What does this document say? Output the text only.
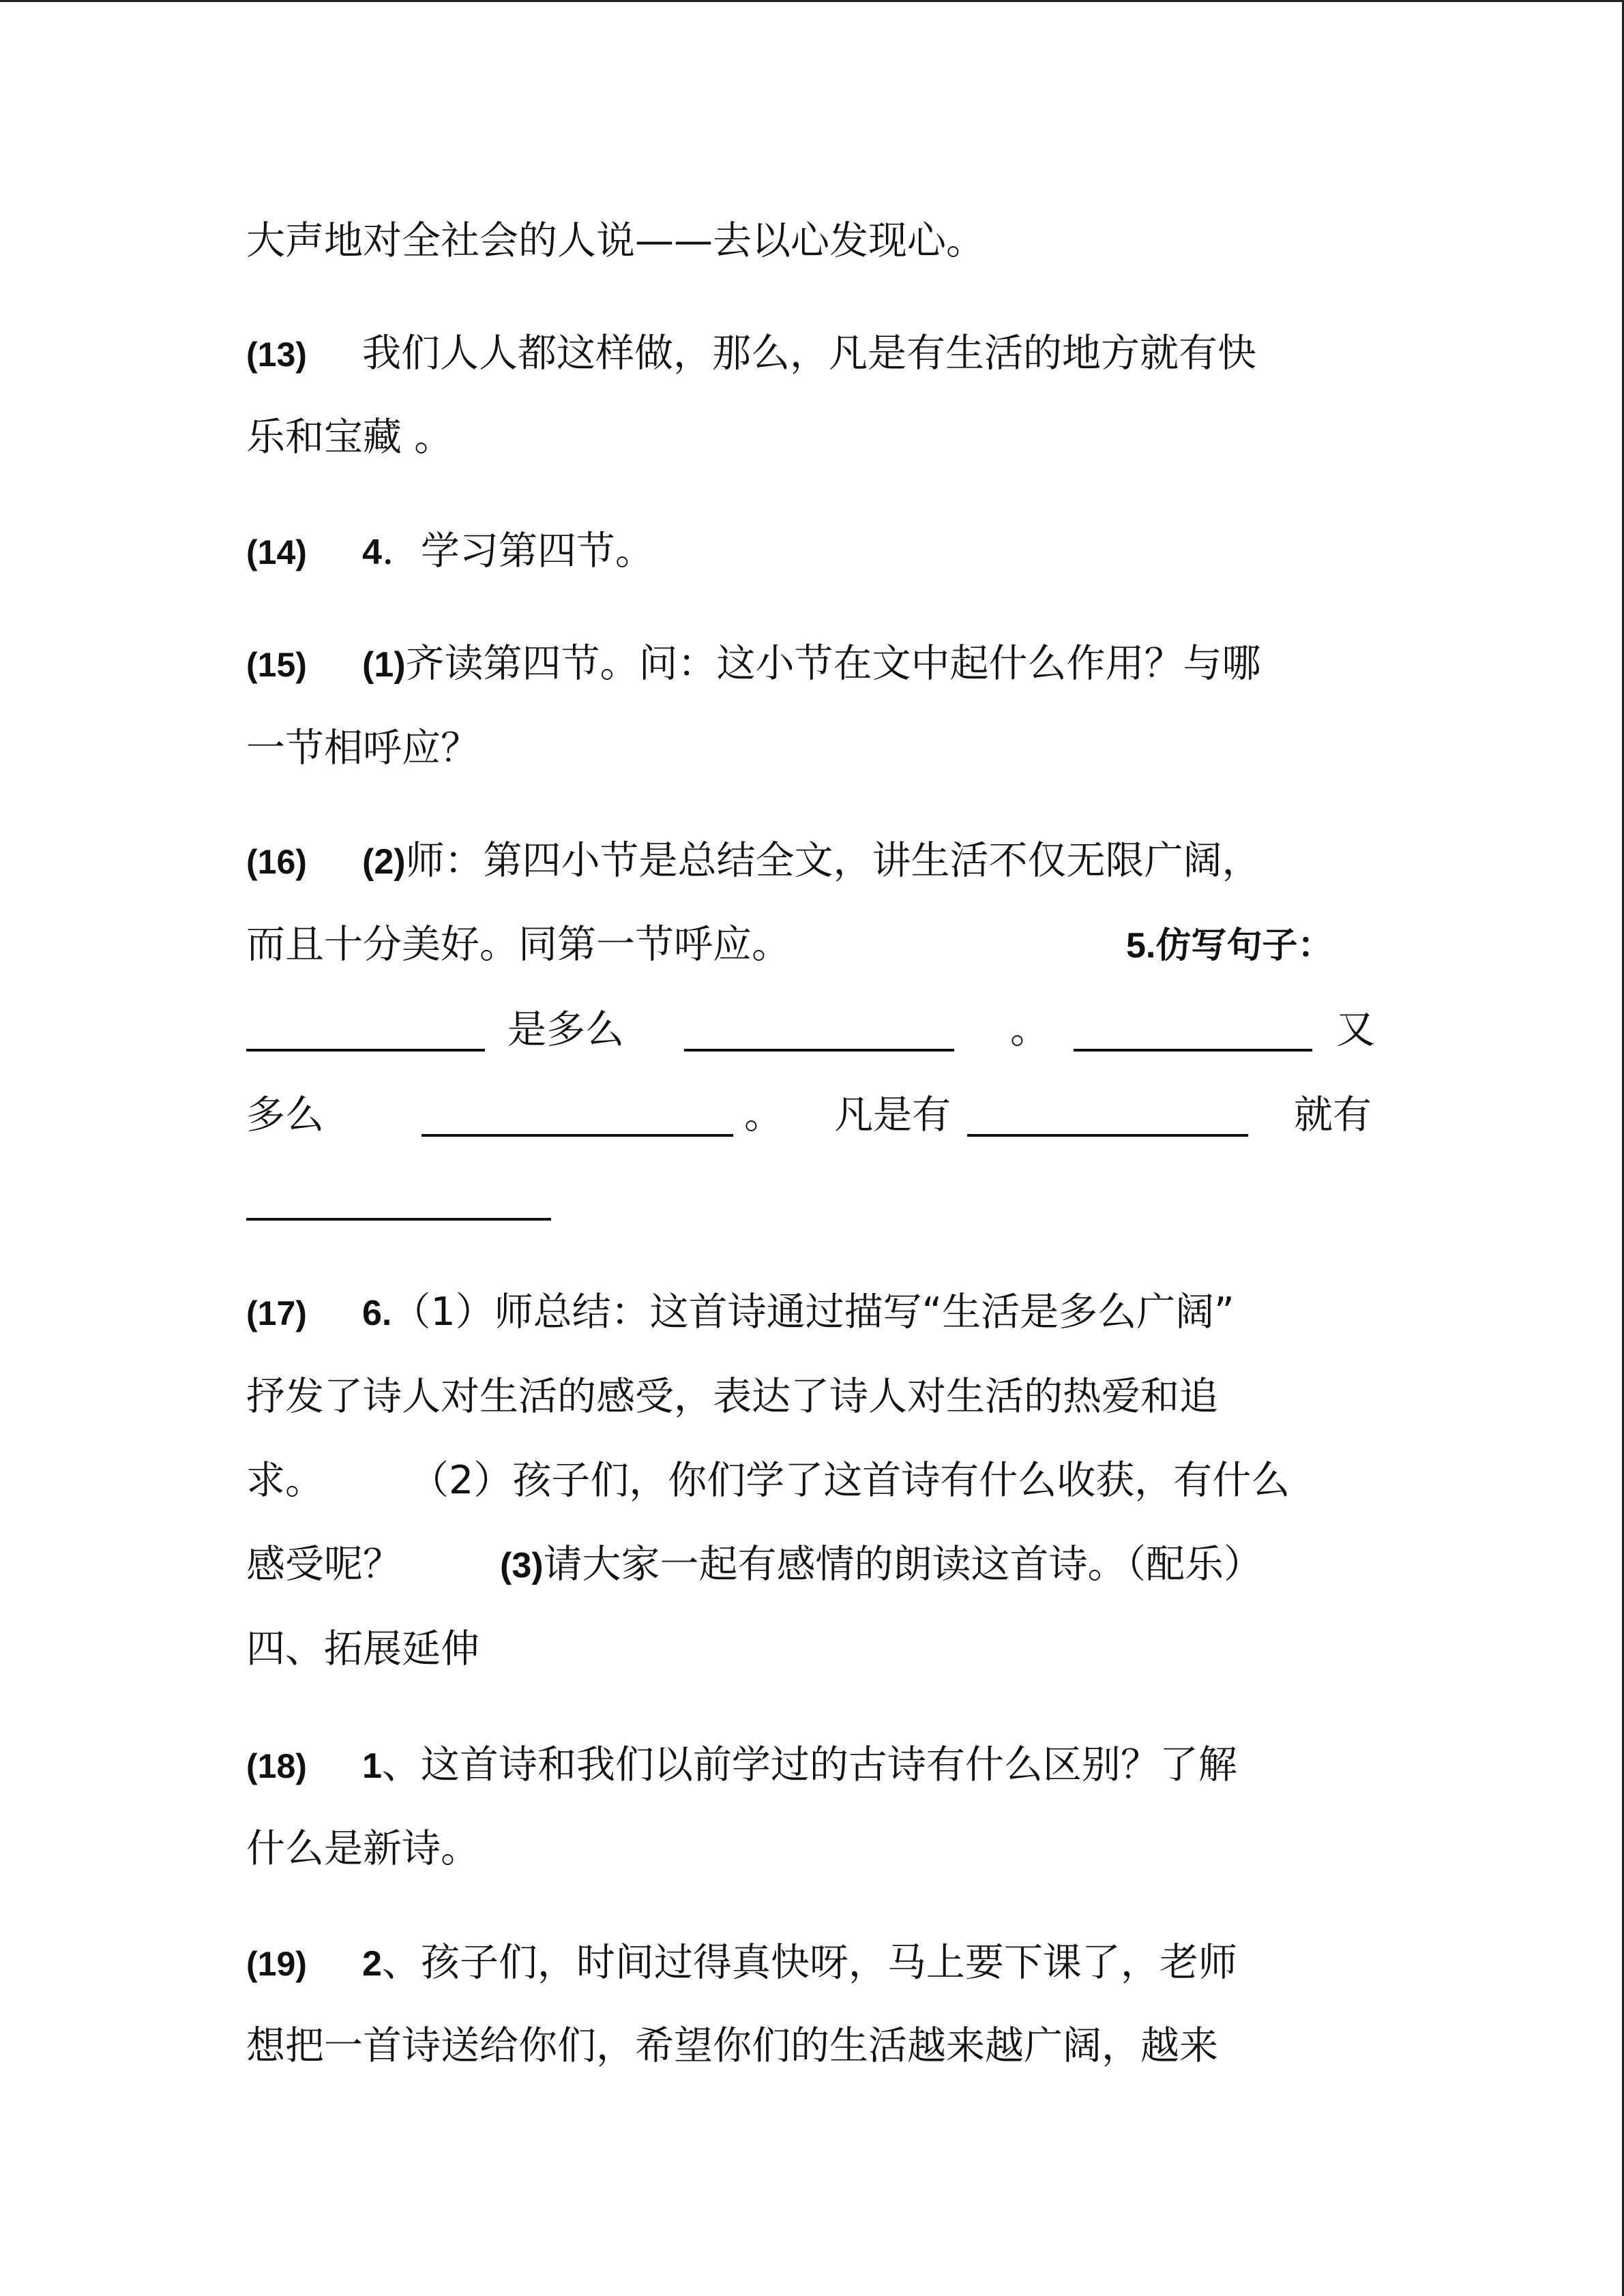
大声地对全社会的人说——去以心发现心。
(13) 我们人人都这样做，那么，凡是有生活的地方就有快
乐和宝藏 。
(14) 4．学习第四节。
(15) (1)齐读第四节。问：这小节在文中起什么作用？与哪
一节相呼应？
(16) (2)师：第四小节是总结全文，讲生活不仅无限广阔，
而且十分美好。同第一节呼应。	5.仿写句子：
是多么	。	又
多么	。 凡是有	就有
(17) 6.（1）师总结：这首诗通过描写“生活是多么广阔”
抒发了诗人对生活的感受，表达了诗人对生活的热爱和追
求。 （2）孩子们，你们学了这首诗有什么收获，有什么
感受呢？	(3)请大家一起有感情的朗读这首诗。（配乐）
四、拓展延伸
(18) 1、这首诗和我们以前学过的古诗有什么区别？了解
什么是新诗。
(19) 2、孩子们，时间过得真快呀，马上要下课了，老师
想把一首诗送给你们，希望你们的生活越来越广阔，越来
